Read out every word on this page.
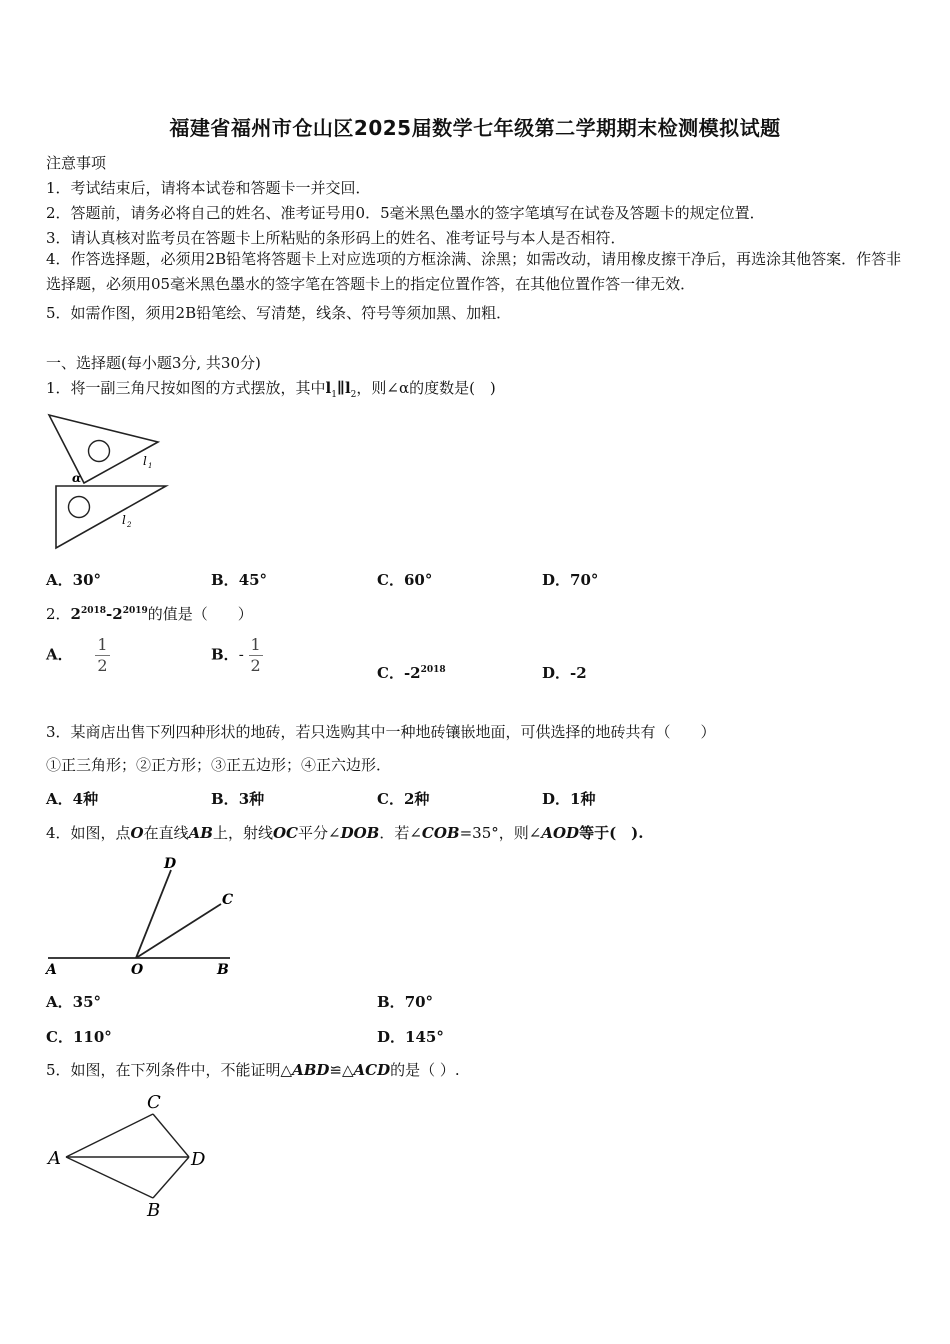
福建省福州市仓山区2025届数学七年级第二学期期末检测模拟试题
注意事项
1．考试结束后，请将本试卷和答题卡一并交回．
2．答题前，请务必将自己的姓名、准考证号用0．5毫米黑色墨水的签字笔填写在试卷及答题卡的规定位置．
3．请认真核对监考员在答题卡上所粘贴的条形码上的姓名、准考证号与本人是否相符．
4．作答选择题，必须用2B铅笔将答题卡上对应选项的方框涂满、涂黑；如需改动，请用橡皮擦干净后，再选涂其他答案．作答非选择题，必须用05毫米黑色墨水的签字笔在答题卡上的指定位置作答，在其他位置作答一律无效．
5．如需作图，须用2B铅笔绘、写清楚，线条、符号等须加黑、加粗．
一、选择题(每小题3分, 共30分)
1．将一副三角尺按如图的方式摆放，其中$l_1\parallel l_2$，则∠α的度数是(　)
α
l 1
l 2
A．30°	B．45°	C．60°	D．70°
2．$2^{2018}-2^{2019}$的值是（　　）
A． $\frac{1}{2}$	B．- $\frac{1}{2}$	C．$-2^{2018}$	D．-2
3．某商店出售下列四种形状的地砖，若只选购其中一种地砖镶嵌地面，可供选择的地砖共有（　　）
①正三角形；②正方形；③正五边形；④正六边形．
A．4种	B．3种	C．2种	D．1种
4．如图，点O在直线AB上，射线OC平分∠DOB．若∠COB=35°，则∠AOD等于(　).
A	O	B
C
D
A．35°	B．70°
C．110°	D．145°
5．如图，在下列条件中，不能证明△ABD≌△ACD的是（ ）.
A
C
D
B
